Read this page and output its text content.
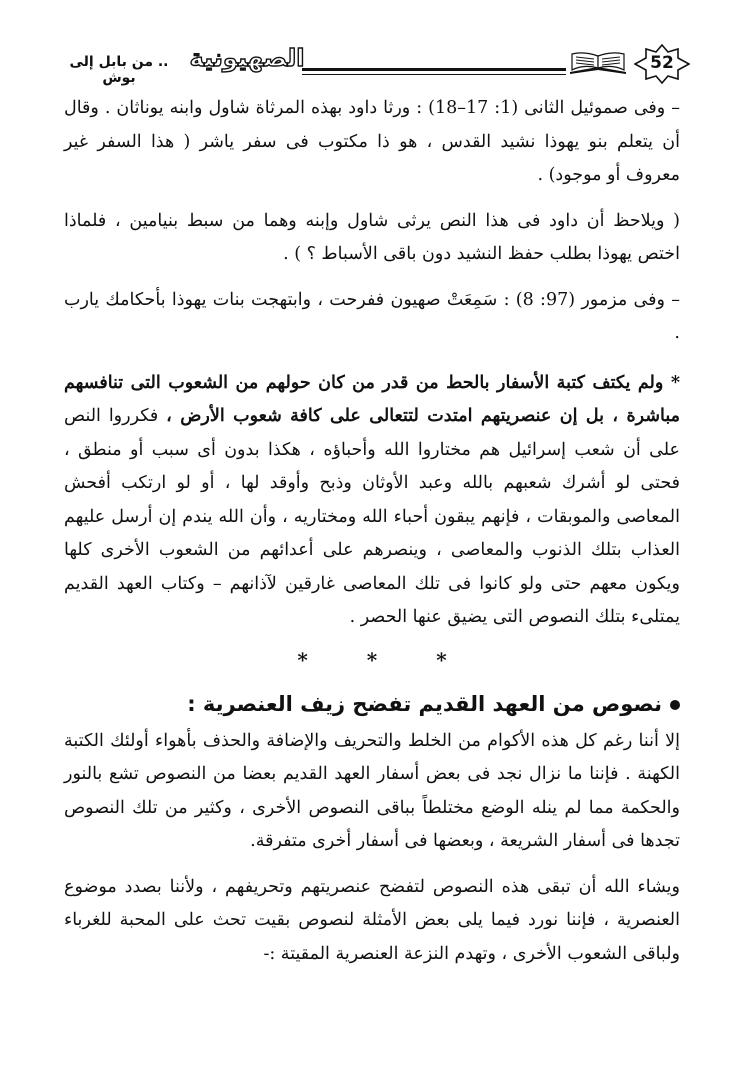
52
الصهيونية
.. من بابل إلى بوش

– وفى صموئيل الثانى (1: 17–18) : ورثا داود بهذه المرثاة شاول وابنه يوناثان . وقال أن يتعلم بنو يهوذا نشيد القدس ، هو ذا مكتوب فى سفر ياشر ( هذا السفر غير معروف أو موجود) .

( ويلاحظ أن داود فى هذا النص يرثى شاول وإبنه وهما من سبط بنيامين ، فلماذا اختص يهوذا بطلب حفظ النشيد دون باقى الأسباط ؟ ) .

– وفى مزمور (97: 8) : سَمِعَتْ صهيون ففرحت ، وابتهجت بنات يهوذا بأحكامك يارب .

* ولم يكتف كتبة الأسفار بالحط من قدر من كان حولهم من الشعوب التى تنافسهم مباشرة ، بل إن عنصريتهم امتدت لتتعالى على كافة شعوب الأرض ، فكرروا النص على أن شعب إسرائيل هم مختاروا الله وأحباؤه ، هكذا بدون أى سبب أو منطق ، فحتى لو أشرك شعبهم بالله وعبد الأوثان وذبح وأوقد لها ، أو لو ارتكب أفحش المعاصى والموبقات ، فإنهم يبقون أحباء الله ومختاريه ، وأن الله يندم إن أرسل عليهم العذاب بتلك الذنوب والمعاصى ، وينصرهم على أعدائهم من الشعوب الأخرى كلها ويكون معهم حتى ولو كانوا فى تلك المعاصى غارقين لآذانهم – وكتاب العهد القديم يمتلىء بتلك النصوص التى يضيق عنها الحصر .

* * *
نصوص من العهد القديم تفضح زيف العنصرية :

إلا أننا رغم كل هذه الأكوام من الخلط والتحريف والإضافة والحذف بأهواء أولئك الكتبة الكهنة . فإننا ما نزال نجد فى بعض أسفار العهد القديم بعضا من النصوص تشع بالنور والحكمة مما لم ينله الوضع مختلطاً بباقى النصوص الأخرى ، وكثير من تلك النصوص تجدها فى أسفار الشريعة ، وبعضها فى أسفار أخرى متفرقة.

ويشاء الله أن تبقى هذه النصوص لتفضح عنصريتهم وتحريفهم ، ولأننا بصدد موضوع العنصرية ، فإننا نورد فيما يلى بعض الأمثلة لنصوص بقيت تحث على المحبة للغرباء ولباقى الشعوب الأخرى ، وتهدم النزعة العنصرية المقيتة :-
